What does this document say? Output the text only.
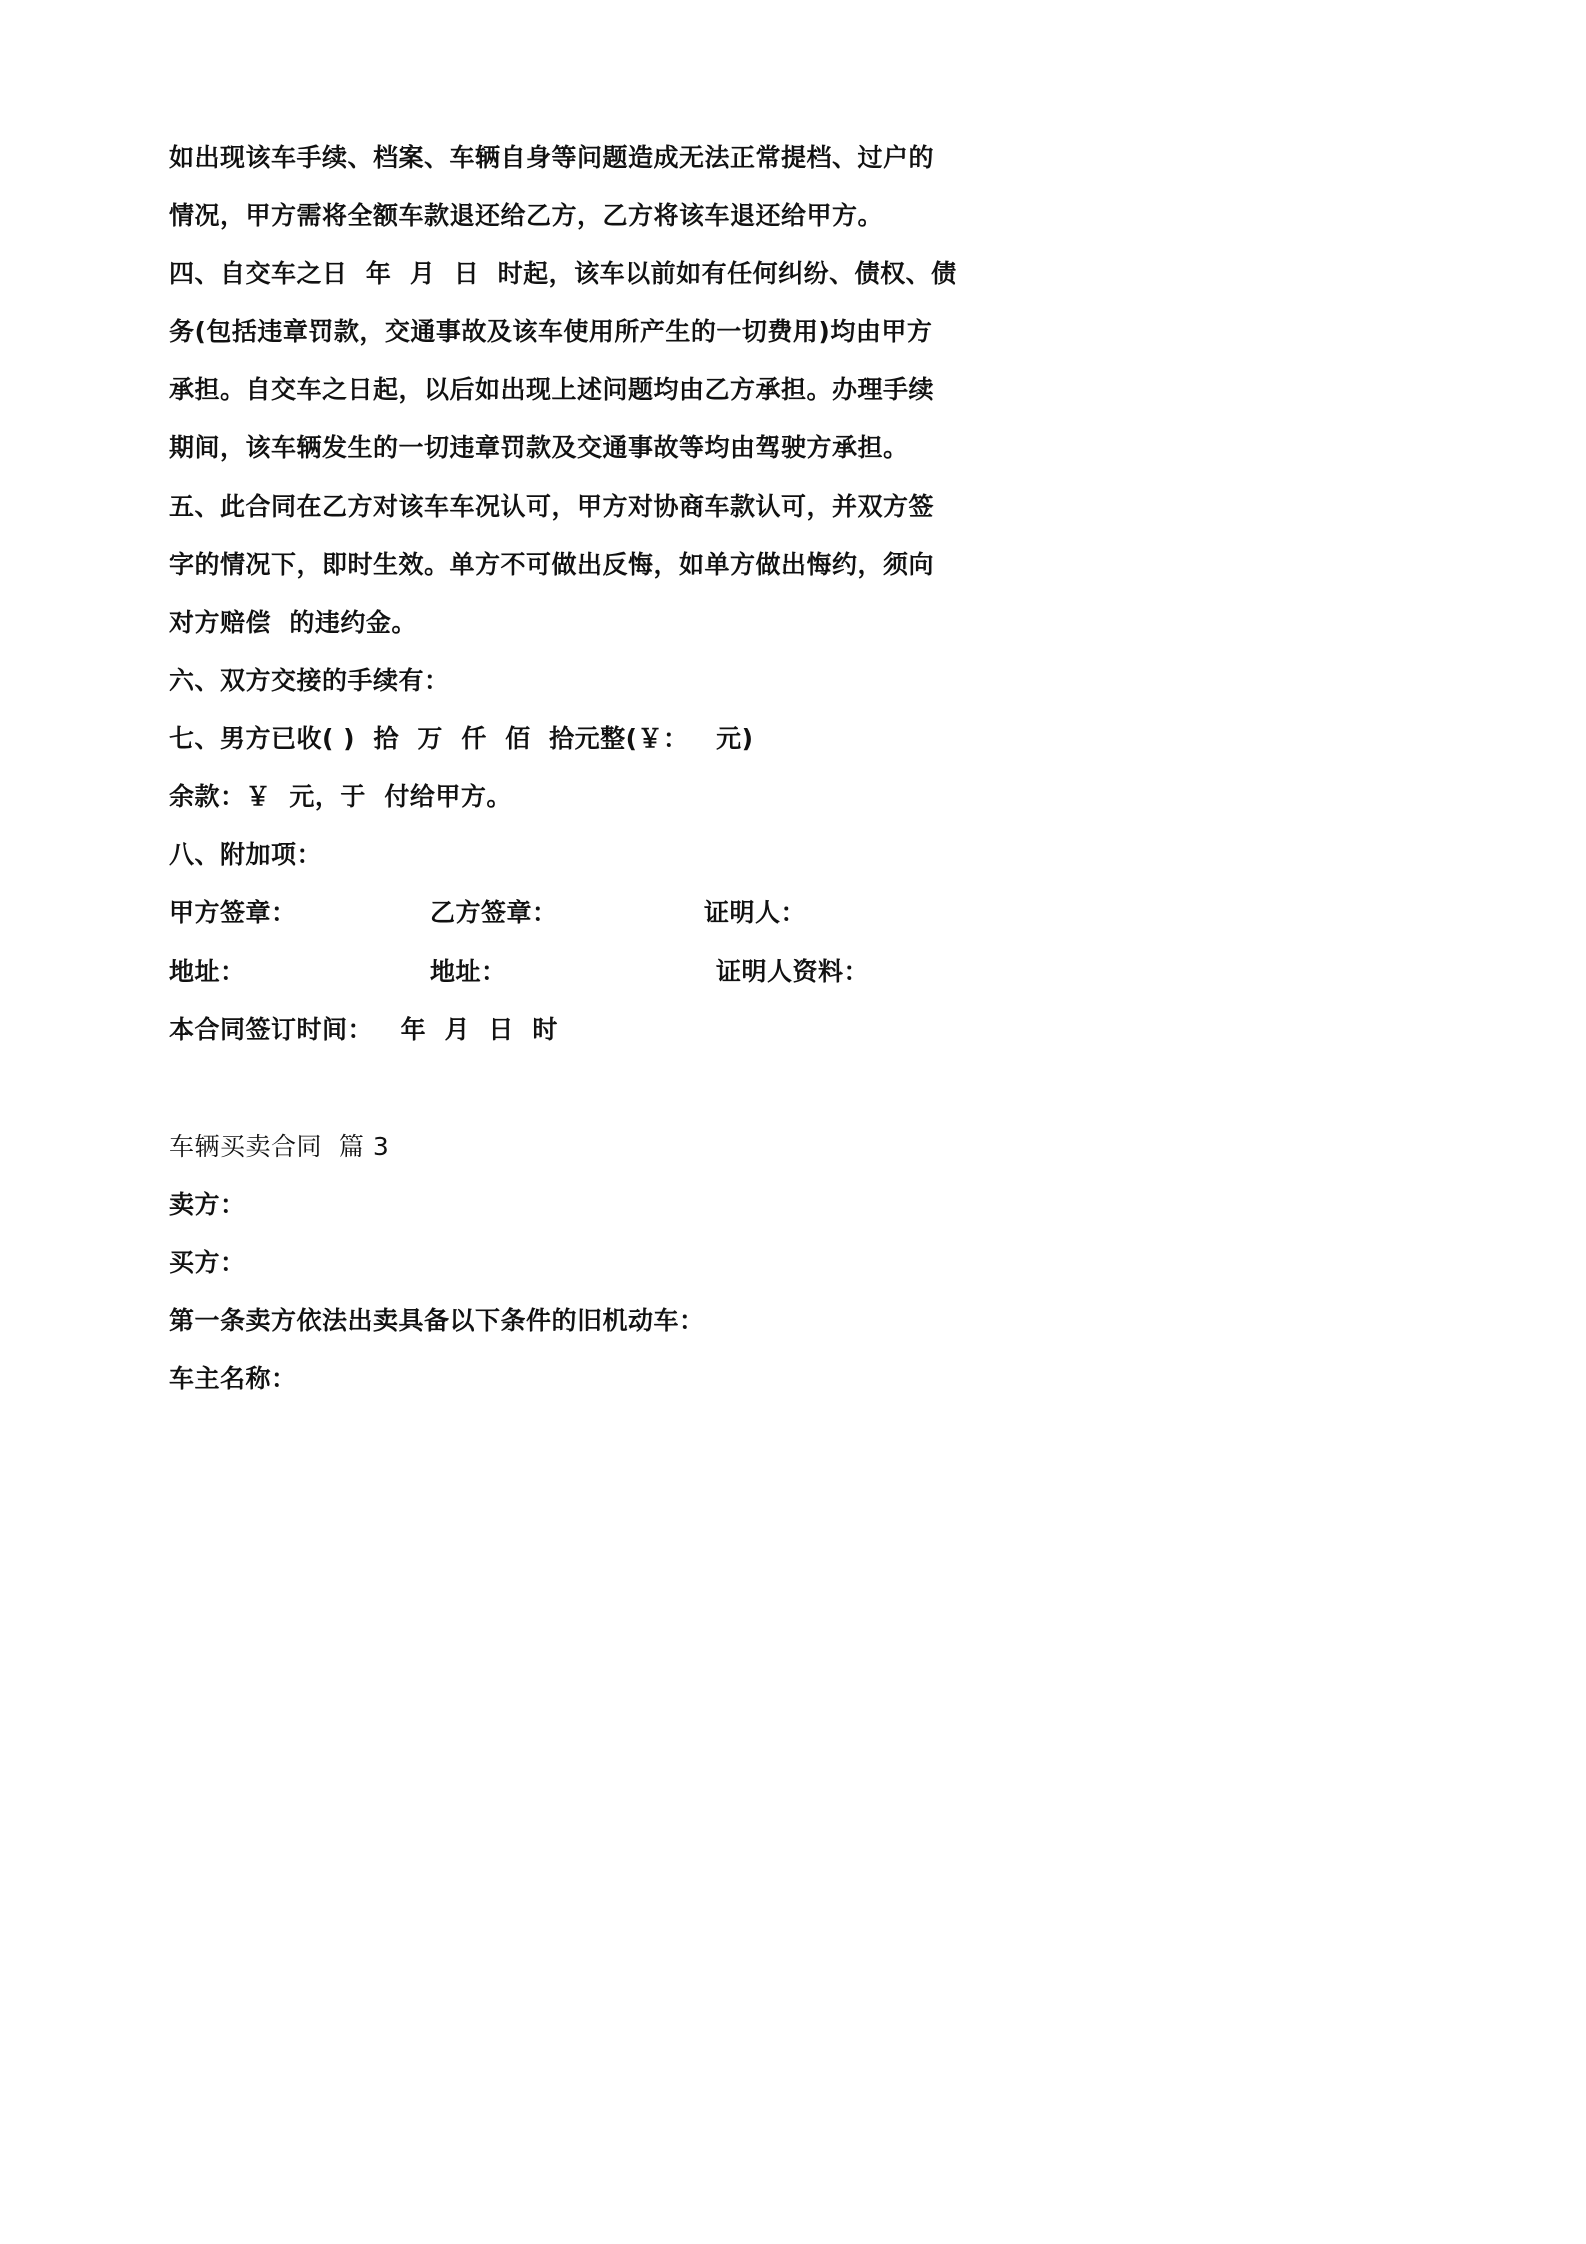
如出现该车手续、档案、车辆自身等问题造成无法正常提档、过户的
情况，甲方需将全额车款退还给乙方，乙方将该车退还给甲方。
四、自交车之日  年  月  日  时起，该车以前如有任何纠纷、债权、债
务(包括违章罚款，交通事故及该车使用所产生的一切费用)均由甲方
承担。自交车之日起，以后如出现上述问题均由乙方承担。办理手续
期间，该车辆发生的一切违章罚款及交通事故等均由驾驶方承担。
五、此合同在乙方对该车车况认可，甲方对协商车款认可，并双方签
字的情况下，即时生效。单方不可做出反悔，如单方做出悔约，须向
对方赔偿  的违约金。
六、双方交接的手续有：
七、男方已收( )  拾  万  仟  佰  拾元整(￥：   元)
余款：￥  元，于  付给甲方。
八、附加项：
甲方签章：	乙方签章：	证明人：
地址：	地址：	证明人资料：
本合同签订时间：   年  月  日  时
车辆买卖合同  篇 3
卖方：
买方：
第一条卖方依法出卖具备以下条件的旧机动车：
车主名称：
